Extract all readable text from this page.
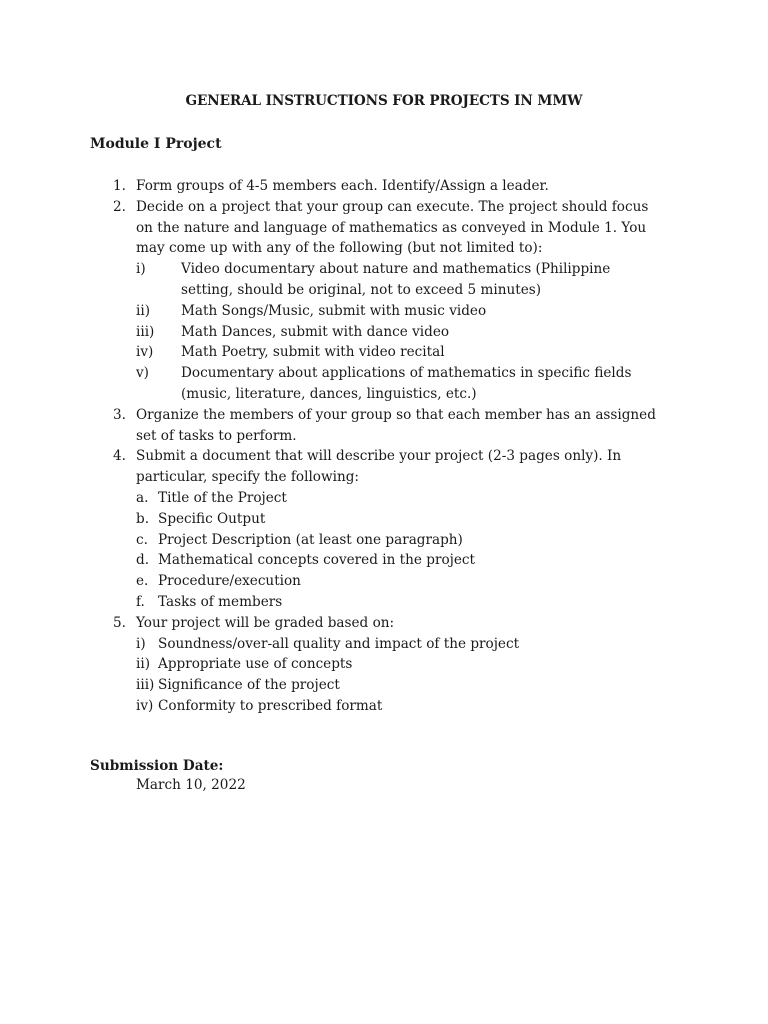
GENERAL INSTRUCTIONS FOR PROJECTS IN MMW
Module I Project
1. Form groups of 4-5 members each. Identify/Assign a leader.
2. Decide on a project that your group can execute. The project should focus on the nature and language of mathematics as conveyed in Module 1. You may come up with any of the following (but not limited to):
i)	Video documentary about nature and mathematics (Philippine setting, should be original, not to exceed 5 minutes)
ii) Math Songs/Music, submit with music video
iii) Math Dances, submit with dance video
iv) Math Poetry, submit with video recital
v) Documentary about applications of mathematics in specific fields (music, literature, dances, linguistics, etc.)
3. Organize the members of your group so that each member has an assigned set of tasks to perform.
4. Submit a document that will describe your project (2-3 pages only). In particular, specify the following:
a. Title of the Project
b. Specific Output
c. Project Description (at least one paragraph)
d. Mathematical concepts covered in the project
e. Procedure/execution
f. Tasks of members
5. Your project will be graded based on:
i) Soundness/over-all quality and impact of the project
ii) Appropriate use of concepts
iii) Significance of the project
iv) Conformity to prescribed format
Submission Date:
March 10, 2022
